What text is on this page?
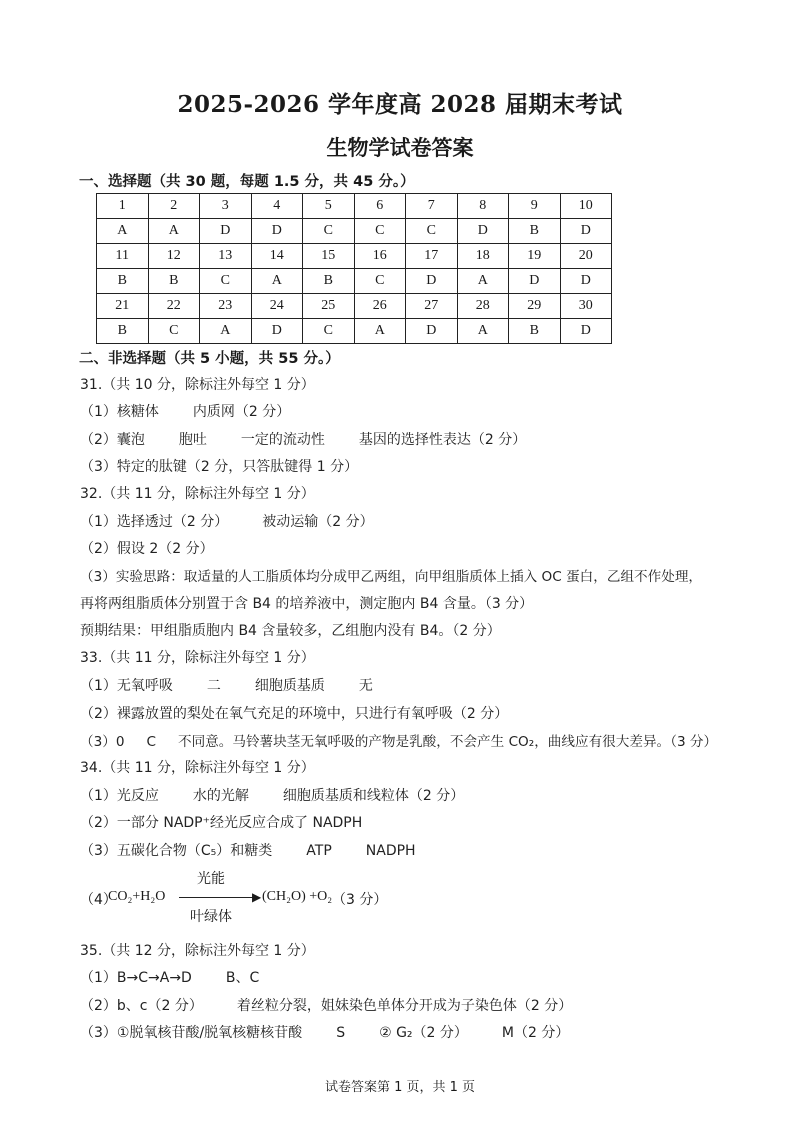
2025-2026 学年度高 2028 届期末考试
生物学试卷答案
一、选择题（共 30 题，每题 1.5 分，共 45 分。）
1	2	3	4	5	6	7	8	9	10
A	A	D	D	C	C	C	D	B	D
11	12	13	14	15	16	17	18	19	20
B	B	C	A	B	C	D	A	D	D
21	22	23	24	25	26	27	28	29	30
B	C	A	D	C	A	D	A	B	D
二、非选择题（共 5 小题，共 55 分。）
31.（共 10 分，除标注外每空 1 分）
（1）核糖体 内质网（2 分）
（2）囊泡 胞吐 一定的流动性 基因的选择性表达（2 分）
（3）特定的肽键（2 分，只答肽键得 1 分）
32.（共 11 分，除标注外每空 1 分）
（1）选择透过（2 分） 被动运输（2 分）
（2）假设 2（2 分）
（3）实验思路：取适量的人工脂质体均分成甲乙两组，向甲组脂质体上插入 OC 蛋白，乙组不作处理，
再将两组脂质体分别置于含 B4 的培养液中，测定胞内 B4 含量。（3 分）
预期结果：甲组脂质胞内 B4 含量较多，乙组胞内没有 B4。（2 分）
33.（共 11 分，除标注外每空 1 分）
（1）无氧呼吸 二 细胞质基质 无
（2）裸露放置的梨处在氧气充足的环境中，只进行有氧呼吸（2 分）
（3）0 C 不同意。马铃薯块茎无氧呼吸的产物是乳酸，不会产生 CO₂，曲线应有很大差异。（3 分）
34.（共 11 分，除标注外每空 1 分）
（1）光反应 水的光解 细胞质基质和线粒体（2 分）
（2）一部分 NADP⁺经光反应合成了 NADPH
（3）五碳化合物（C₅）和糖类 ATP NADPH
（4）
CO₂+H₂O
光能
▶
叶绿体
(CH₂O) +O₂ （3 分）
35.（共 12 分，除标注外每空 1 分）
（1）B→C→A→D B、C
（2）b、c（2 分） 着丝粒分裂，姐妹染色单体分开成为子染色体（2 分）
（3）①脱氧核苷酸/脱氧核糖核苷酸 S ② G₂（2 分） M（2 分）
试卷答案第 1 页，共 1 页
